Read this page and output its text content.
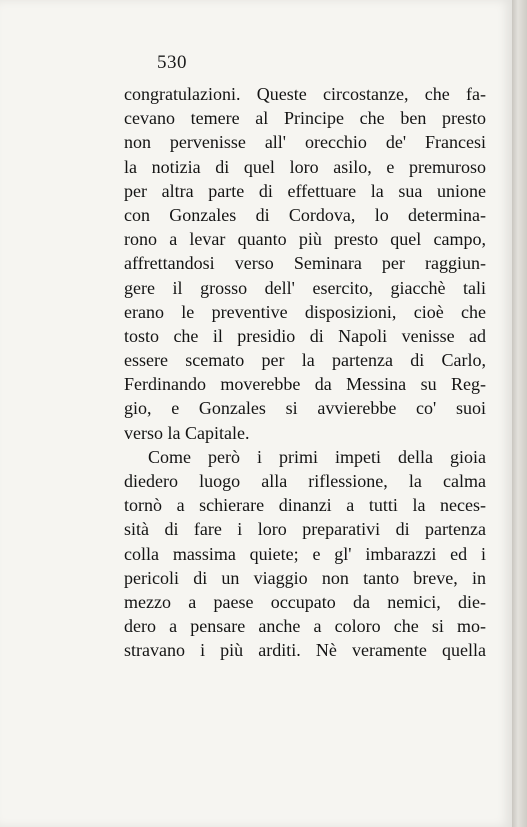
530
congratulazioni. Queste circostanze, che fa-
cevano temere al Principe che ben presto
non pervenisse all' orecchio de' Francesi
la notizia di quel loro asilo, e premuroso
per altra parte di effettuare la sua unione
con Gonzales di Cordova, lo determina-
rono a levar quanto più presto quel campo,
affrettandosi verso Seminara per raggiun-
gere il grosso dell' esercito, giacchè tali
erano le preventive disposizioni, cioè che
tosto che il presidio di Napoli venisse ad
essere scemato per la partenza di Carlo,
Ferdinando moverebbe da Messina su Reg-
gio, e Gonzales si avvierebbe co' suoi
verso la Capitale.
Come però i primi impeti della gioia
diedero luogo alla riflessione, la calma
tornò a schierare dinanzi a tutti la neces-
sità di fare i loro preparativi di partenza
colla massima quiete; e gl' imbarazzi ed i
pericoli di un viaggio non tanto breve, in
mezzo a paese occupato da nemici, die-
dero a pensare anche a coloro che si mo-
stravano i più arditi. Nè veramente quella
